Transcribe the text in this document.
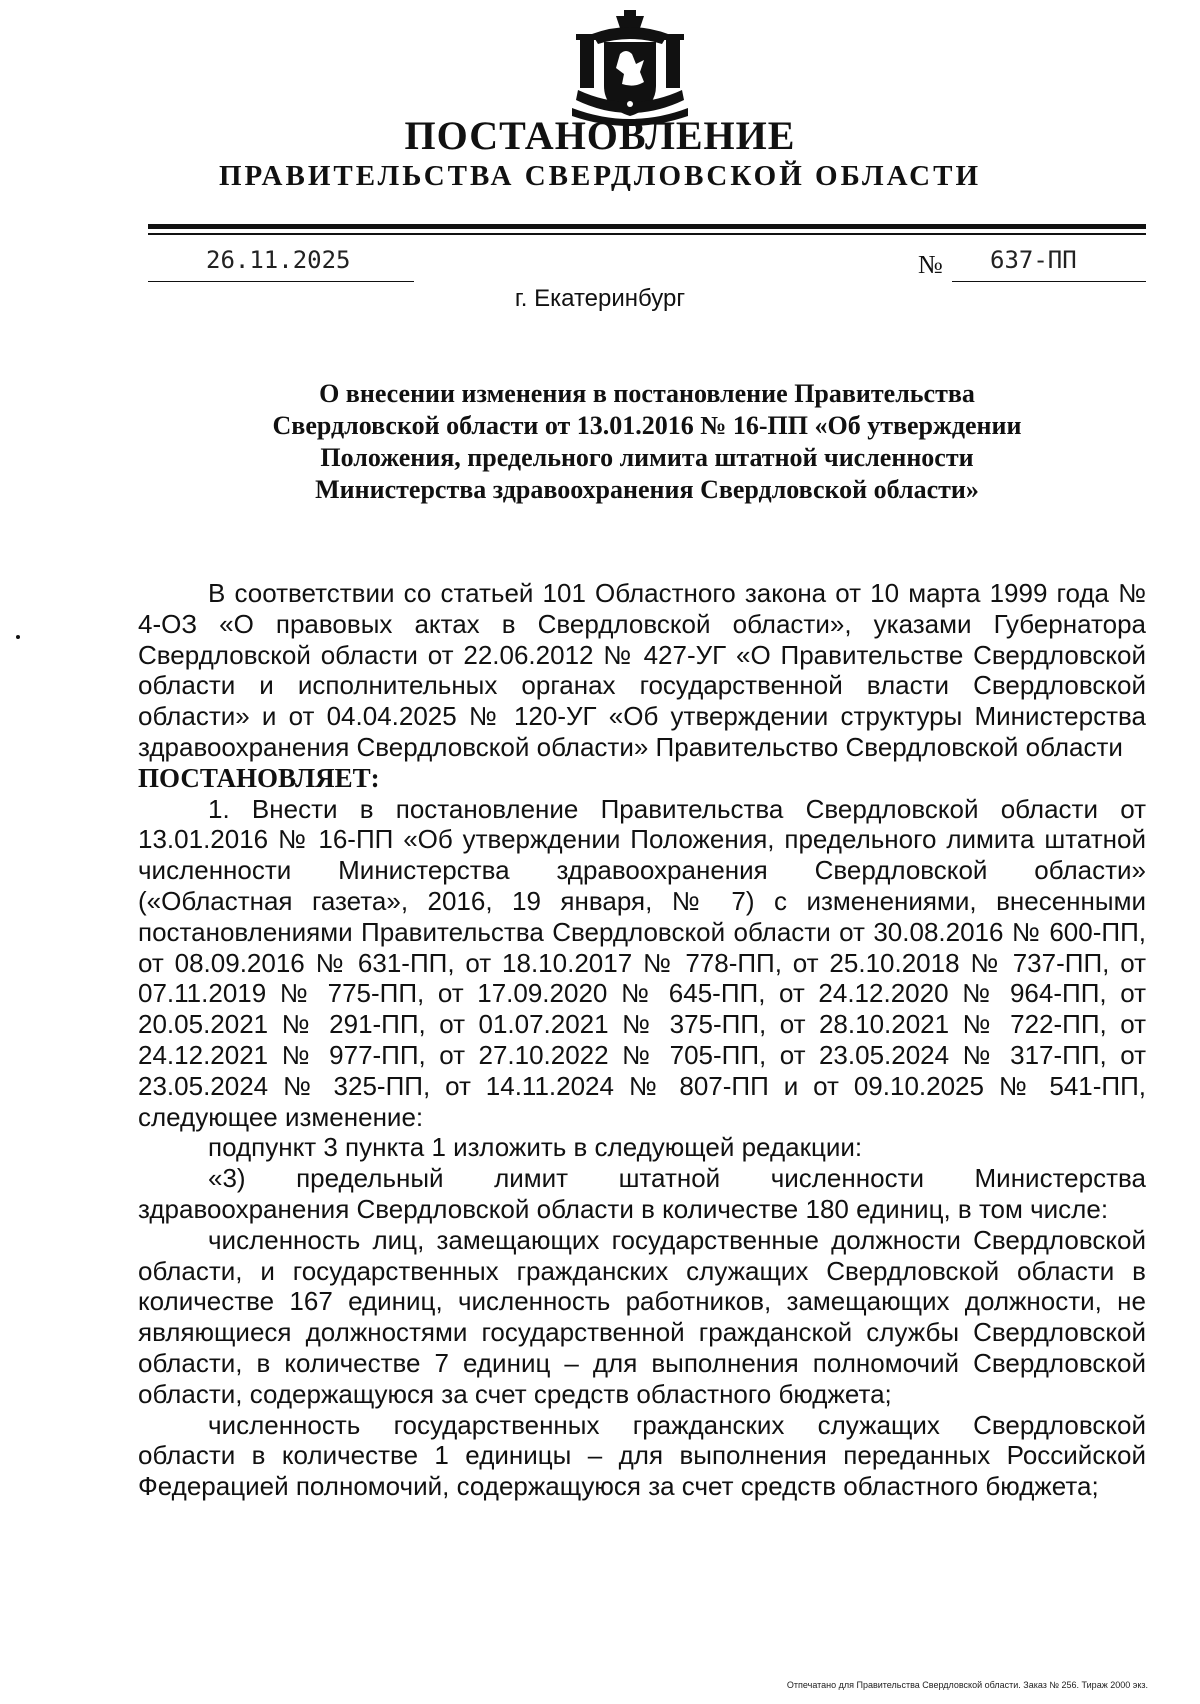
ПОСТАНОВЛЕНИЕ
ПРАВИТЕЛЬСТВА СВЕРДЛОВСКОЙ ОБЛАСТИ
26.11.2025	№ 637-ПП
г. Екатеринбург
О внесении изменения в постановление Правительства
Свердловской области от 13.01.2016 № 16-ПП «Об утверждении
Положения, предельного лимита штатной численности
Министерства здравоохранения Свердловской области»

В соответствии со статьей 101 Областного закона от 10 марта 1999 года № 4-ОЗ «О правовых актах в Свердловской области», указами Губернатора Свердловской области от 22.06.2012 № 427-УГ «О Правительстве Свердловской области и исполнительных органах государственной власти Свердловской области» и от 04.04.2025 № 120-УГ «Об утверждении структуры Министерства здравоохранения Свердловской области» Правительство Свердловской области

ПОСТАНОВЛЯЕТ:

1. Внести в постановление Правительства Свердловской области от 13.01.2016 № 16-ПП «Об утверждении Положения, предельного лимита штатной численности Министерства здравоохранения Свердловской области» («Областная газета», 2016, 19 января, № 7) с изменениями, внесенными постановлениями Правительства Свердловской области от 30.08.2016 № 600-ПП, от 08.09.2016 № 631-ПП, от 18.10.2017 № 778-ПП, от 25.10.2018 № 737-ПП, от 07.11.2019 № 775-ПП, от 17.09.2020 № 645-ПП, от 24.12.2020 № 964-ПП, от 20.05.2021 № 291-ПП, от 01.07.2021 № 375-ПП, от 28.10.2021 № 722-ПП, от 24.12.2021 № 977-ПП, от 27.10.2022 № 705-ПП, от 23.05.2024 № 317-ПП, от 23.05.2024 № 325-ПП, от 14.11.2024 № 807-ПП и от 09.10.2025 № 541-ПП, следующее изменение:

подпункт 3 пункта 1 изложить в следующей редакции:

«3) предельный лимит штатной численности Министерства здравоохранения Свердловской области в количестве 180 единиц, в том числе:

численность лиц, замещающих государственные должности Свердловской области, и государственных гражданских служащих Свердловской области в количестве 167 единиц, численность работников, замещающих должности, не являющиеся должностями государственной гражданской службы Свердловской области, в количестве 7 единиц – для выполнения полномочий Свердловской области, содержащуюся за счет средств областного бюджета;

численность государственных гражданских служащих Свердловской области в количестве 1 единицы – для выполнения переданных Российской Федерацией полномочий, содержащуюся за счет средств областного бюджета;

Отпечатано для Правительства Свердловской области. Заказ № 256. Тираж 2000 экз.
